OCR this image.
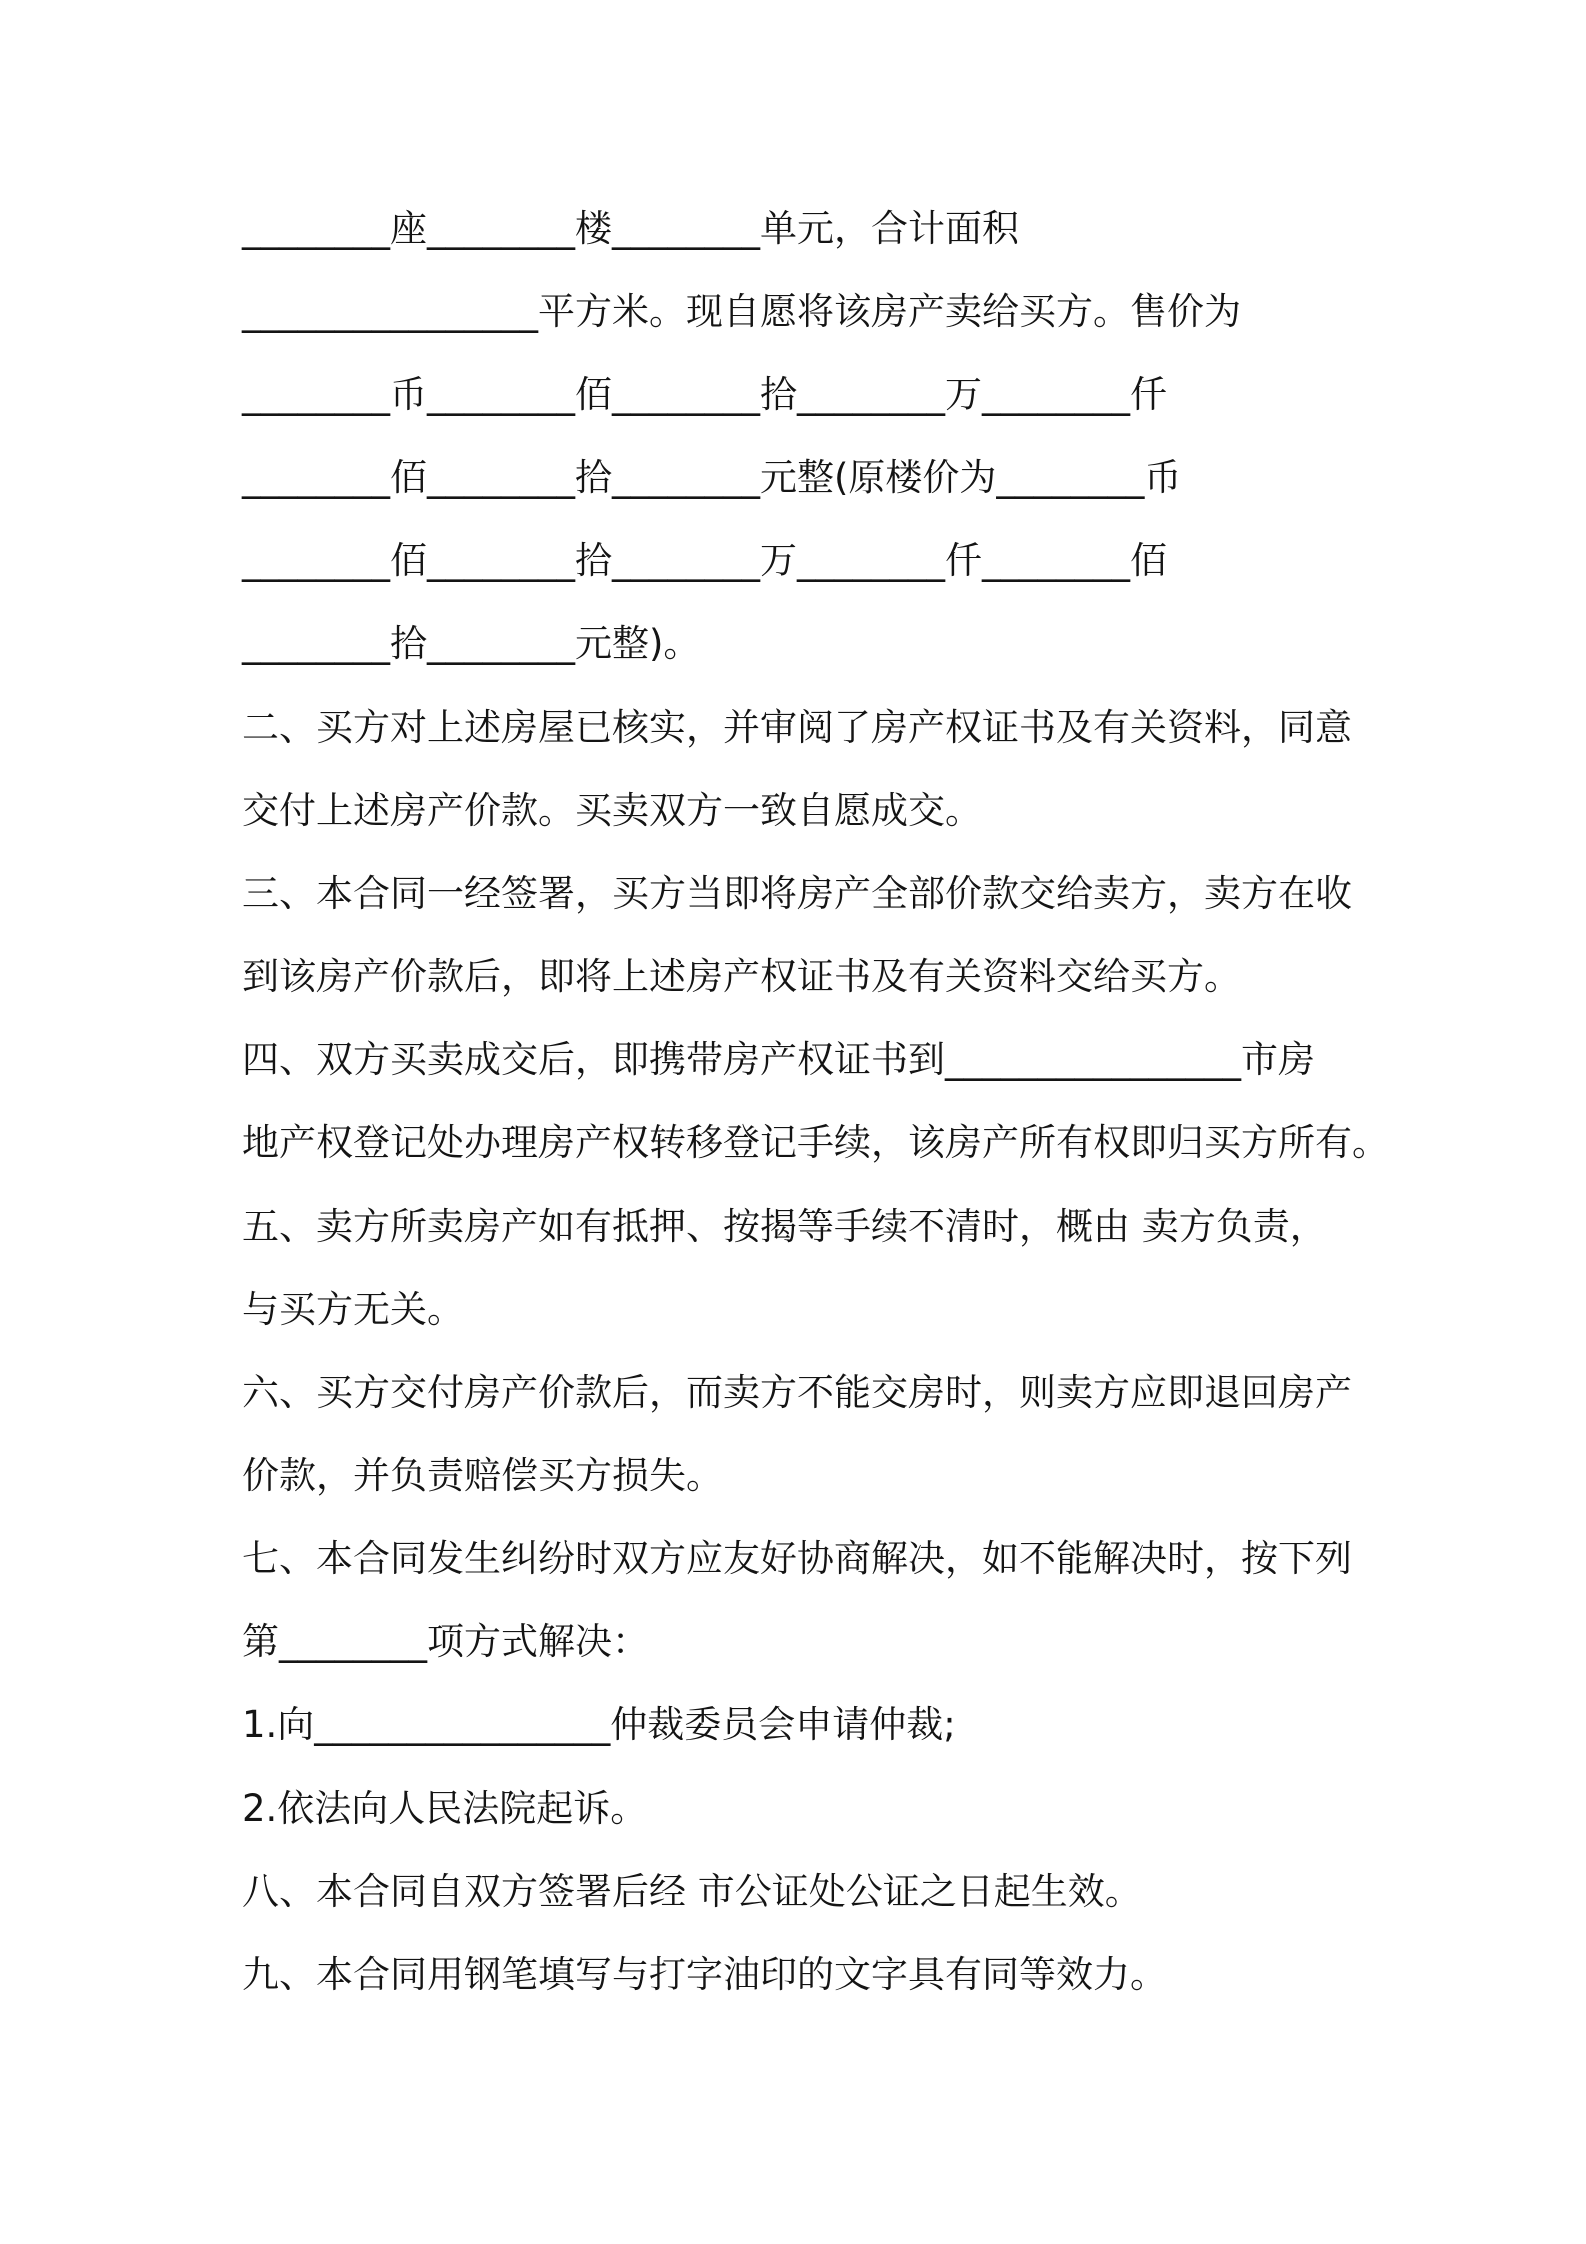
________座________楼________单元，合计面积
________________平方米。现自愿将该房产卖给买方。售价为
________币________佰________拾________万________仟
________佰________拾________元整(原楼价为________币
________佰________拾________万________仟________佰
________拾________元整)。
二、买方对上述房屋已核实，并审阅了房产权证书及有关资料，同意
交付上述房产价款。买卖双方一致自愿成交。
三、本合同一经签署，买方当即将房产全部价款交给卖方，卖方在收
到该房产价款后，即将上述房产权证书及有关资料交给买方。
四、双方买卖成交后，即携带房产权证书到________________市房
地产权登记处办理房产权转移登记手续，该房产所有权即归买方所有。
五、卖方所卖房产如有抵押、按揭等手续不清时，概由 卖方负责，
与买方无关。
六、买方交付房产价款后，而卖方不能交房时，则卖方应即退回房产
价款，并负责赔偿买方损失。
七、本合同发生纠纷时双方应友好协商解决，如不能解决时，按下列
第________项方式解决：
1.向________________仲裁委员会申请仲裁;
2.依法向人民法院起诉。
八、本合同自双方签署后经 市公证处公证之日起生效。
九、本合同用钢笔填写与打字油印的文字具有同等效力。
